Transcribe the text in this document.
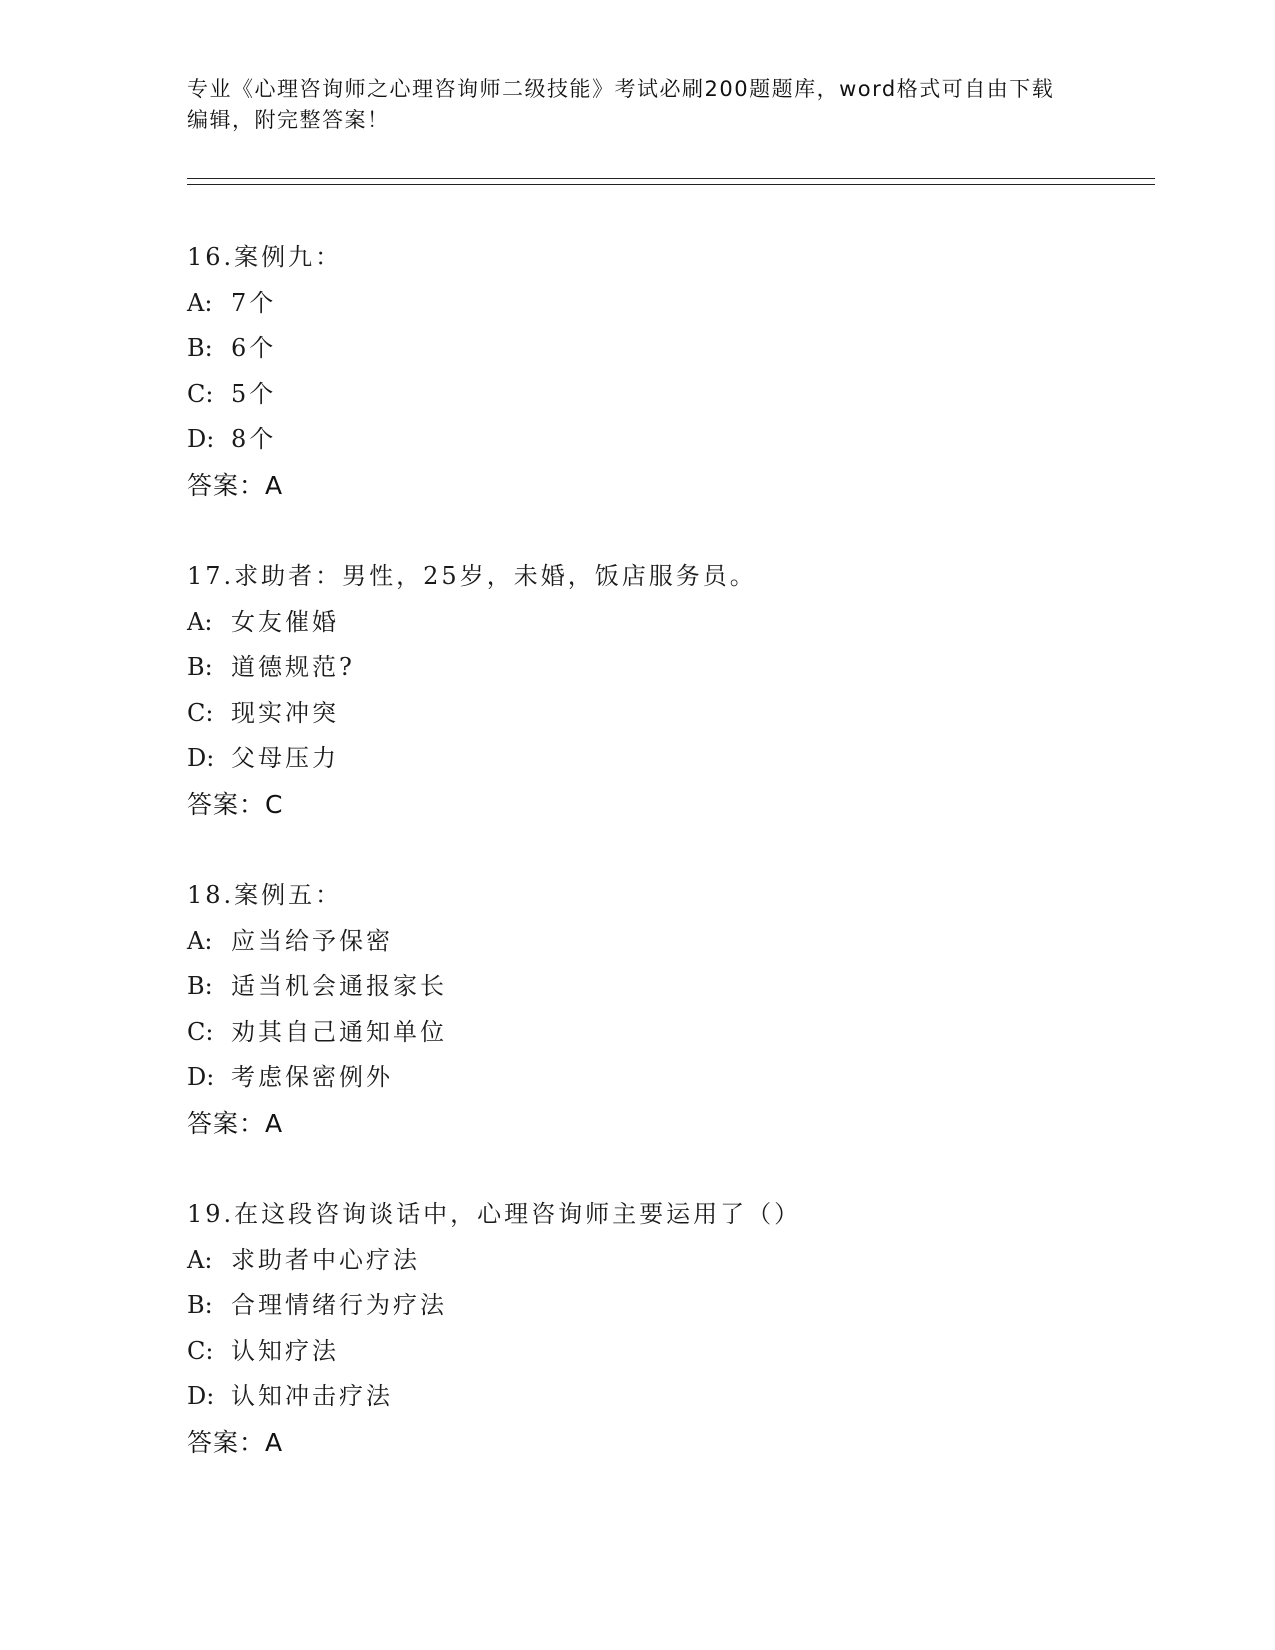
专业《心理咨询师之心理咨询师二级技能》考试必刷200题题库，word格式可自由下载编辑，附完整答案！

16.案例九：
A: 7个
B: 6个
C: 5个
D: 8个
答案：A
17.求助者：男性，25岁，未婚，饭店服务员。
A: 女友催婚
B: 道德规范?
C: 现实冲突
D: 父母压力
答案：C
18.案例五：
A: 应当给予保密
B: 适当机会通报家长
C: 劝其自己通知单位
D: 考虑保密例外
答案：A
19.在这段咨询谈话中，心理咨询师主要运用了（）
A: 求助者中心疗法
B: 合理情绪行为疗法
C: 认知疗法
D: 认知冲击疗法
答案：A
